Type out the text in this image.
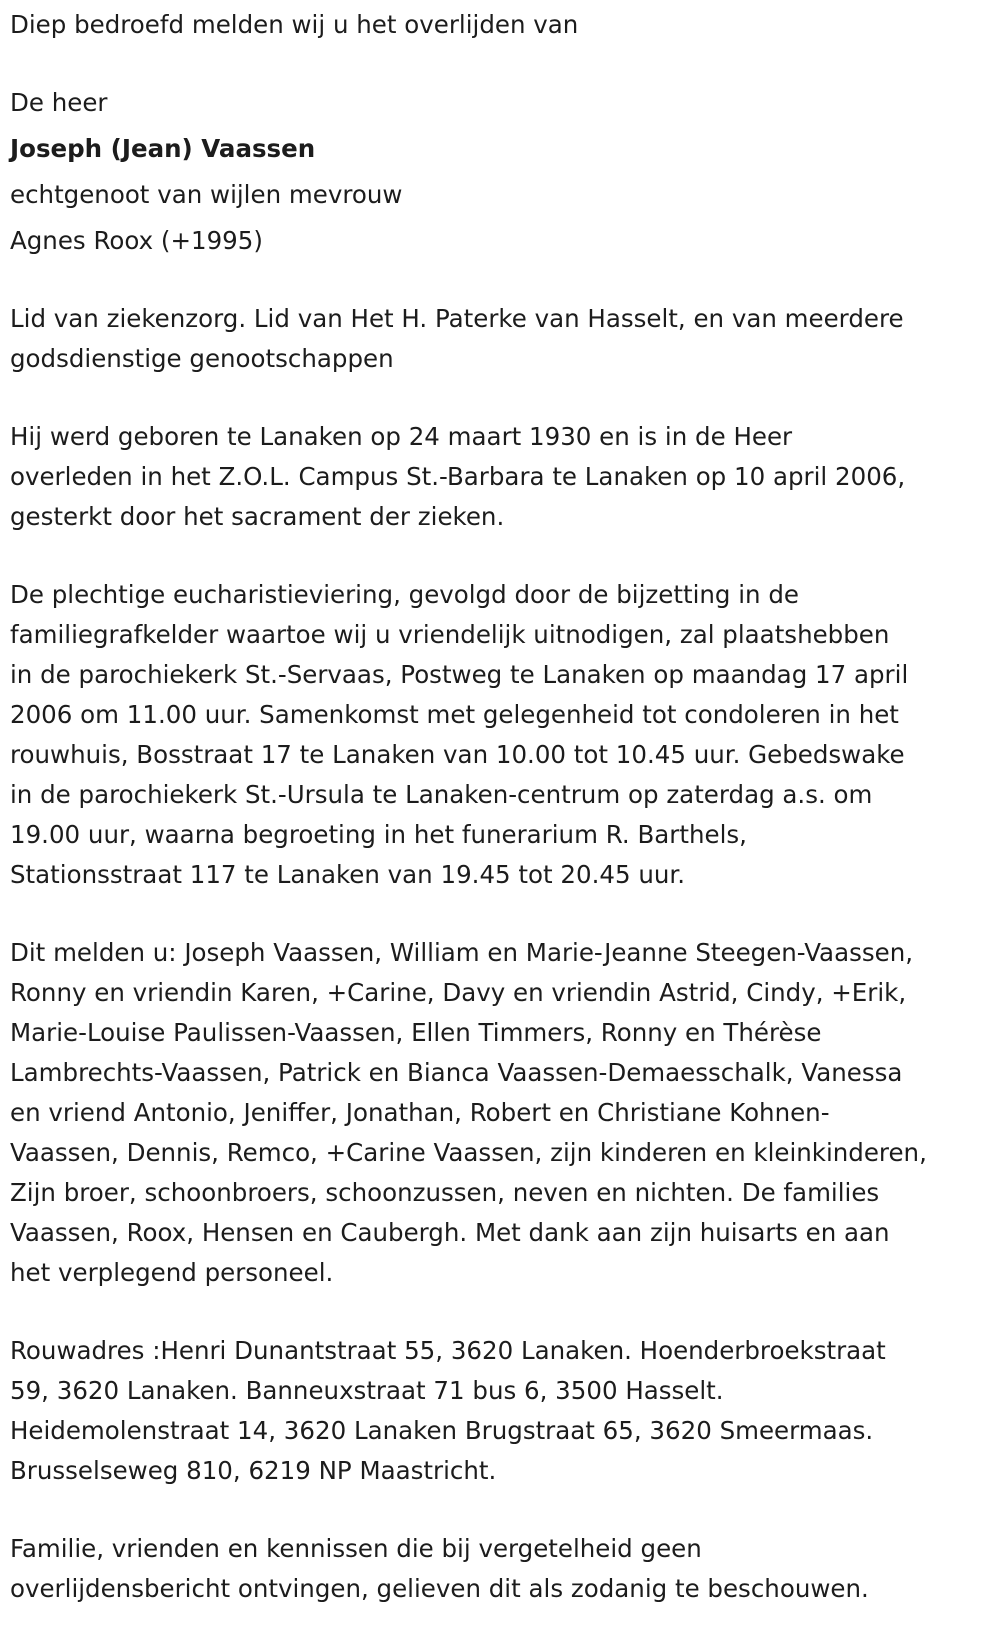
Diep bedroefd melden wij u het overlijden van
De heer
Joseph (Jean) Vaassen
echtgenoot van wijlen mevrouw
Agnes Roox (+1995)
Lid van ziekenzorg. Lid van Het H. Paterke van Hasselt, en van meerdere
godsdienstige genootschappen
Hij werd geboren te Lanaken op 24 maart 1930 en is in de Heer
overleden in het Z.O.L. Campus St.-Barbara te Lanaken op 10 april 2006,
gesterkt door het sacrament der zieken.
De plechtige eucharistieviering, gevolgd door de bijzetting in de
familiegrafkelder waartoe wij u vriendelijk uitnodigen, zal plaatshebben
in de parochiekerk St.-Servaas, Postweg te Lanaken op maandag 17 april
2006 om 11.00 uur. Samenkomst met gelegenheid tot condoleren in het
rouwhuis, Bosstraat 17 te Lanaken van 10.00 tot 10.45 uur. Gebedswake
in de parochiekerk St.-Ursula te Lanaken-centrum op zaterdag a.s. om
19.00 uur, waarna begroeting in het funerarium R. Barthels,
Stationsstraat 117 te Lanaken van 19.45 tot 20.45 uur.
Dit melden u: Joseph Vaassen, William en Marie-Jeanne Steegen-Vaassen,
Ronny en vriendin Karen, +Carine, Davy en vriendin Astrid, Cindy, +Erik,
Marie-Louise Paulissen-Vaassen, Ellen Timmers, Ronny en Thérèse
Lambrechts-Vaassen, Patrick en Bianca Vaassen-Demaesschalk, Vanessa
en vriend Antonio, Jeniffer, Jonathan, Robert en Christiane Kohnen-
Vaassen, Dennis, Remco, +Carine Vaassen, zijn kinderen en kleinkinderen,
Zijn broer, schoonbroers, schoonzussen, neven en nichten. De families
Vaassen, Roox, Hensen en Caubergh. Met dank aan zijn huisarts en aan
het verplegend personeel.
Rouwadres :Henri Dunantstraat 55, 3620 Lanaken. Hoenderbroekstraat
59, 3620 Lanaken. Banneuxstraat 71 bus 6, 3500 Hasselt.
Heidemolenstraat 14, 3620 Lanaken Brugstraat 65, 3620 Smeermaas.
Brusselseweg 810, 6219 NP Maastricht.
Familie, vrienden en kennissen die bij vergetelheid geen
overlijdensbericht ontvingen, gelieven dit als zodanig te beschouwen.
